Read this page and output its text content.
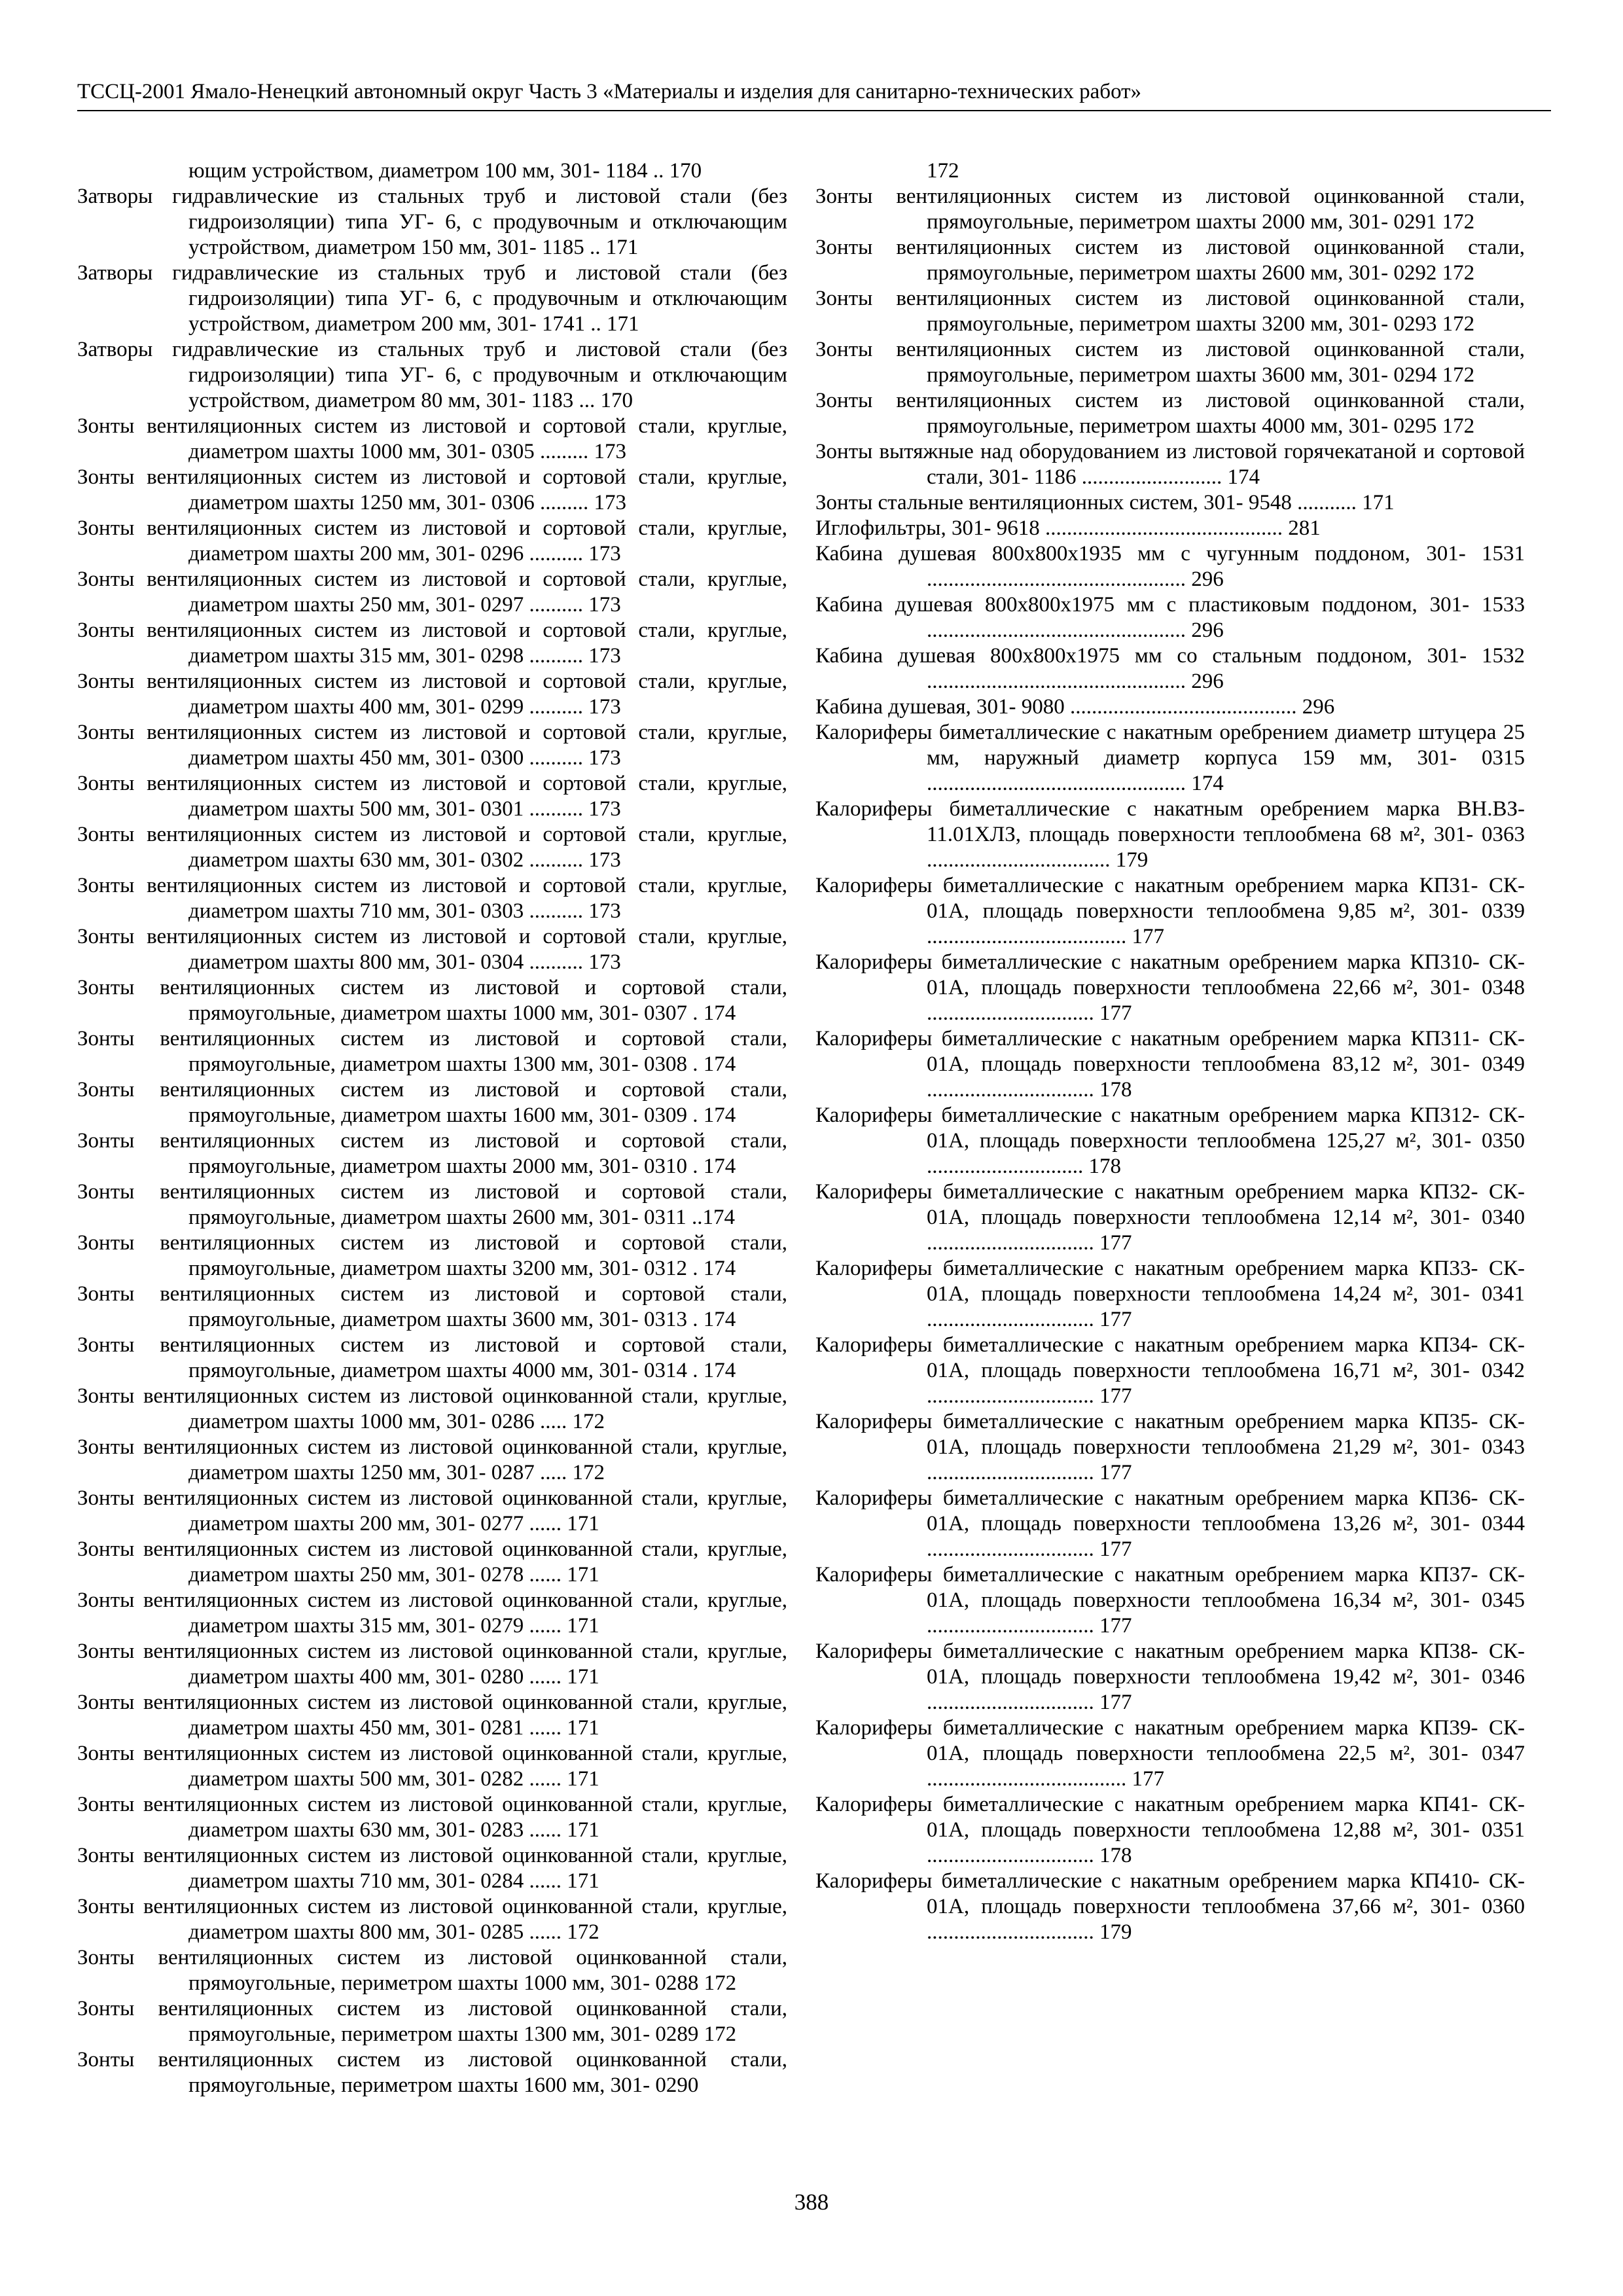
ТССЦ-2001 Ямало-Ненецкий автономный округ Часть 3 «Материалы и изделия для санитарно-технических работ»
ющим устройством, диаметром 100 мм, 301- 1184 .. 170
Затворы гидравлические из стальных труб и листовой стали (без гидроизоляции) типа УГ- 6, с продувочным и отключающим устройством, диаметром 150 мм, 301- 1185 .. 171
Затворы гидравлические из стальных труб и листовой стали (без гидроизоляции) типа УГ- 6, с продувочным и отключающим устройством, диаметром 200 мм, 301- 1741 .. 171
Затворы гидравлические из стальных труб и листовой стали (без гидроизоляции) типа УГ- 6, с продувочным и отключающим устройством, диаметром 80 мм, 301- 1183 ... 170
Зонты вентиляционных систем из листовой и сортовой стали, круглые, диаметром шахты 1000 мм, 301- 0305 ......... 173
Зонты вентиляционных систем из листовой и сортовой стали, круглые, диаметром шахты 1250 мм, 301- 0306 ......... 173
Зонты вентиляционных систем из листовой и сортовой стали, круглые, диаметром шахты 200 мм, 301- 0296 .......... 173
Зонты вентиляционных систем из листовой и сортовой стали, круглые, диаметром шахты 250 мм, 301- 0297 .......... 173
Зонты вентиляционных систем из листовой и сортовой стали, круглые, диаметром шахты 315 мм, 301- 0298 .......... 173
Зонты вентиляционных систем из листовой и сортовой стали, круглые, диаметром шахты 400 мм, 301- 0299 .......... 173
Зонты вентиляционных систем из листовой и сортовой стали, круглые, диаметром шахты 450 мм, 301- 0300 .......... 173
Зонты вентиляционных систем из листовой и сортовой стали, круглые, диаметром шахты 500 мм, 301- 0301 .......... 173
Зонты вентиляционных систем из листовой и сортовой стали, круглые, диаметром шахты 630 мм, 301- 0302 .......... 173
Зонты вентиляционных систем из листовой и сортовой стали, круглые, диаметром шахты 710 мм, 301- 0303 .......... 173
Зонты вентиляционных систем из листовой и сортовой стали, круглые, диаметром шахты 800 мм, 301- 0304 .......... 173
Зонты вентиляционных систем из листовой и сортовой стали, прямоугольные, диаметром шахты 1000 мм, 301- 0307 . 174
Зонты вентиляционных систем из листовой и сортовой стали, прямоугольные, диаметром шахты 1300 мм, 301- 0308 . 174
Зонты вентиляционных систем из листовой и сортовой стали, прямоугольные, диаметром шахты 1600 мм, 301- 0309 . 174
Зонты вентиляционных систем из листовой и сортовой стали, прямоугольные, диаметром шахты 2000 мм, 301- 0310 . 174
Зонты вентиляционных систем из листовой и сортовой стали, прямоугольные, диаметром шахты 2600 мм, 301- 0311 ..174
Зонты вентиляционных систем из листовой и сортовой стали, прямоугольные, диаметром шахты 3200 мм, 301- 0312 . 174
Зонты вентиляционных систем из листовой и сортовой стали, прямоугольные, диаметром шахты 3600 мм, 301- 0313 . 174
Зонты вентиляционных систем из листовой и сортовой стали, прямоугольные, диаметром шахты 4000 мм, 301- 0314 . 174
Зонты вентиляционных систем из листовой оцинкованной стали, круглые, диаметром шахты 1000 мм, 301- 0286 ..... 172
Зонты вентиляционных систем из листовой оцинкованной стали, круглые, диаметром шахты 1250 мм, 301- 0287 ..... 172
Зонты вентиляционных систем из листовой оцинкованной стали, круглые, диаметром шахты 200 мм, 301- 0277 ...... 171
Зонты вентиляционных систем из листовой оцинкованной стали, круглые, диаметром шахты 250 мм, 301- 0278 ...... 171
Зонты вентиляционных систем из листовой оцинкованной стали, круглые, диаметром шахты 315 мм, 301- 0279 ...... 171
Зонты вентиляционных систем из листовой оцинкованной стали, круглые, диаметром шахты 400 мм, 301- 0280 ...... 171
Зонты вентиляционных систем из листовой оцинкованной стали, круглые, диаметром шахты 450 мм, 301- 0281 ...... 171
Зонты вентиляционных систем из листовой оцинкованной стали, круглые, диаметром шахты 500 мм, 301- 0282 ...... 171
Зонты вентиляционных систем из листовой оцинкованной стали, круглые, диаметром шахты 630 мм, 301- 0283 ...... 171
Зонты вентиляционных систем из листовой оцинкованной стали, круглые, диаметром шахты 710 мм, 301- 0284 ...... 171
Зонты вентиляционных систем из листовой оцинкованной стали, круглые, диаметром шахты 800 мм, 301- 0285 ...... 172
Зонты вентиляционных систем из листовой оцинкованной стали, прямоугольные, периметром шахты 1000 мм, 301- 0288 172
Зонты вентиляционных систем из листовой оцинкованной стали, прямоугольные, периметром шахты 1300 мм, 301- 0289 172
Зонты вентиляционных систем из листовой оцинкованной стали, прямоугольные, периметром шахты 1600 мм, 301- 0290
172
Зонты вентиляционных систем из листовой оцинкованной стали, прямоугольные, периметром шахты 2000 мм, 301- 0291 172
Зонты вентиляционных систем из листовой оцинкованной стали, прямоугольные, периметром шахты 2600 мм, 301- 0292 172
Зонты вентиляционных систем из листовой оцинкованной стали, прямоугольные, периметром шахты 3200 мм, 301- 0293 172
Зонты вентиляционных систем из листовой оцинкованной стали, прямоугольные, периметром шахты 3600 мм, 301- 0294 172
Зонты вентиляционных систем из листовой оцинкованной стали, прямоугольные, периметром шахты 4000 мм, 301- 0295 172
Зонты вытяжные над оборудованием из листовой горячекатаной и сортовой стали, 301- 1186 .......................... 174
Зонты стальные вентиляционных систем, 301- 9548 ........... 171
Иглофильтры, 301- 9618 ............................................ 281
Кабина душевая 800х800х1935 мм с чугунным поддоном, 301- 1531 ................................................ 296
Кабина душевая 800х800х1975 мм с пластиковым поддоном, 301- 1533 ................................................ 296
Кабина душевая 800х800х1975 мм со стальным поддоном, 301- 1532 ................................................ 296
Кабина душевая, 301- 9080 .......................................... 296
Калориферы биметаллические с накатным оребрением диаметр штуцера 25 мм, наружный диаметр корпуса 159 мм, 301- 0315 ................................................ 174
Калориферы биметаллические с накатным оребрением марка ВН.ВЗ- 11.01ХЛЗ, площадь поверхности теплообмена 68 м², 301- 0363 .................................. 179
Калориферы биметаллические с накатным оребрением марка КП31- СК- 01А, площадь поверхности теплообмена 9,85 м², 301- 0339 ..................................... 177
Калориферы биметаллические с накатным оребрением марка КП310- СК- 01А, площадь поверхности теплообмена 22,66 м², 301- 0348 ............................... 177
Калориферы биметаллические с накатным оребрением марка КП311- СК- 01А, площадь поверхности теплообмена 83,12 м², 301- 0349 ............................... 178
Калориферы биметаллические с накатным оребрением марка КП312- СК- 01А, площадь поверхности теплообмена 125,27 м², 301- 0350 ............................. 178
Калориферы биметаллические с накатным оребрением марка КП32- СК- 01А, площадь поверхности теплообмена 12,14 м², 301- 0340 ............................... 177
Калориферы биметаллические с накатным оребрением марка КП33- СК- 01А, площадь поверхности теплообмена 14,24 м², 301- 0341 ............................... 177
Калориферы биметаллические с накатным оребрением марка КП34- СК- 01А, площадь поверхности теплообмена 16,71 м², 301- 0342 ............................... 177
Калориферы биметаллические с накатным оребрением марка КП35- СК- 01А, площадь поверхности теплообмена 21,29 м², 301- 0343 ............................... 177
Калориферы биметаллические с накатным оребрением марка КП36- СК- 01А, площадь поверхности теплообмена 13,26 м², 301- 0344 ............................... 177
Калориферы биметаллические с накатным оребрением марка КП37- СК- 01А, площадь поверхности теплообмена 16,34 м², 301- 0345 ............................... 177
Калориферы биметаллические с накатным оребрением марка КП38- СК- 01А, площадь поверхности теплообмена 19,42 м², 301- 0346 ............................... 177
Калориферы биметаллические с накатным оребрением марка КП39- СК- 01А, площадь поверхности теплообмена 22,5 м², 301- 0347 ..................................... 177
Калориферы биметаллические с накатным оребрением марка КП41- СК- 01А, площадь поверхности теплообмена 12,88 м², 301- 0351 ............................... 178
Калориферы биметаллические с накатным оребрением марка КП410- СК- 01А, площадь поверхности теплообмена 37,66 м², 301- 0360 ............................... 179
388
